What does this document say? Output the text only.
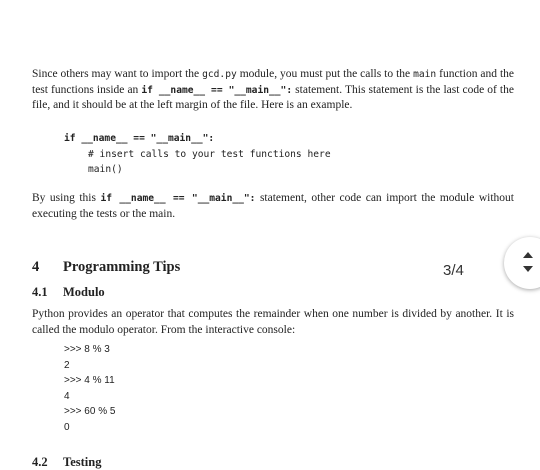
Since others may want to import the gcd.py module, you must put the calls to the main function and the test functions inside an if __name__ == "__main__": statement. This statement is the last code of the file, and it should be at the left margin of the file. Here is an example.

if __name__ == "__main__":
# insert calls to your test functions here
main()

By using this if __name__ == "__main__": statement, other code can import the module without executing the tests or the main.

4 Programming Tips
4.1 Modulo

Python provides an operator that computes the remainder when one number is divided by another. It is called the modulo operator. From the interactive console:

>>> 8 % 3
2
>>> 4 % 11
4
>>> 60 % 5
0
4.2 Testing
3/4
